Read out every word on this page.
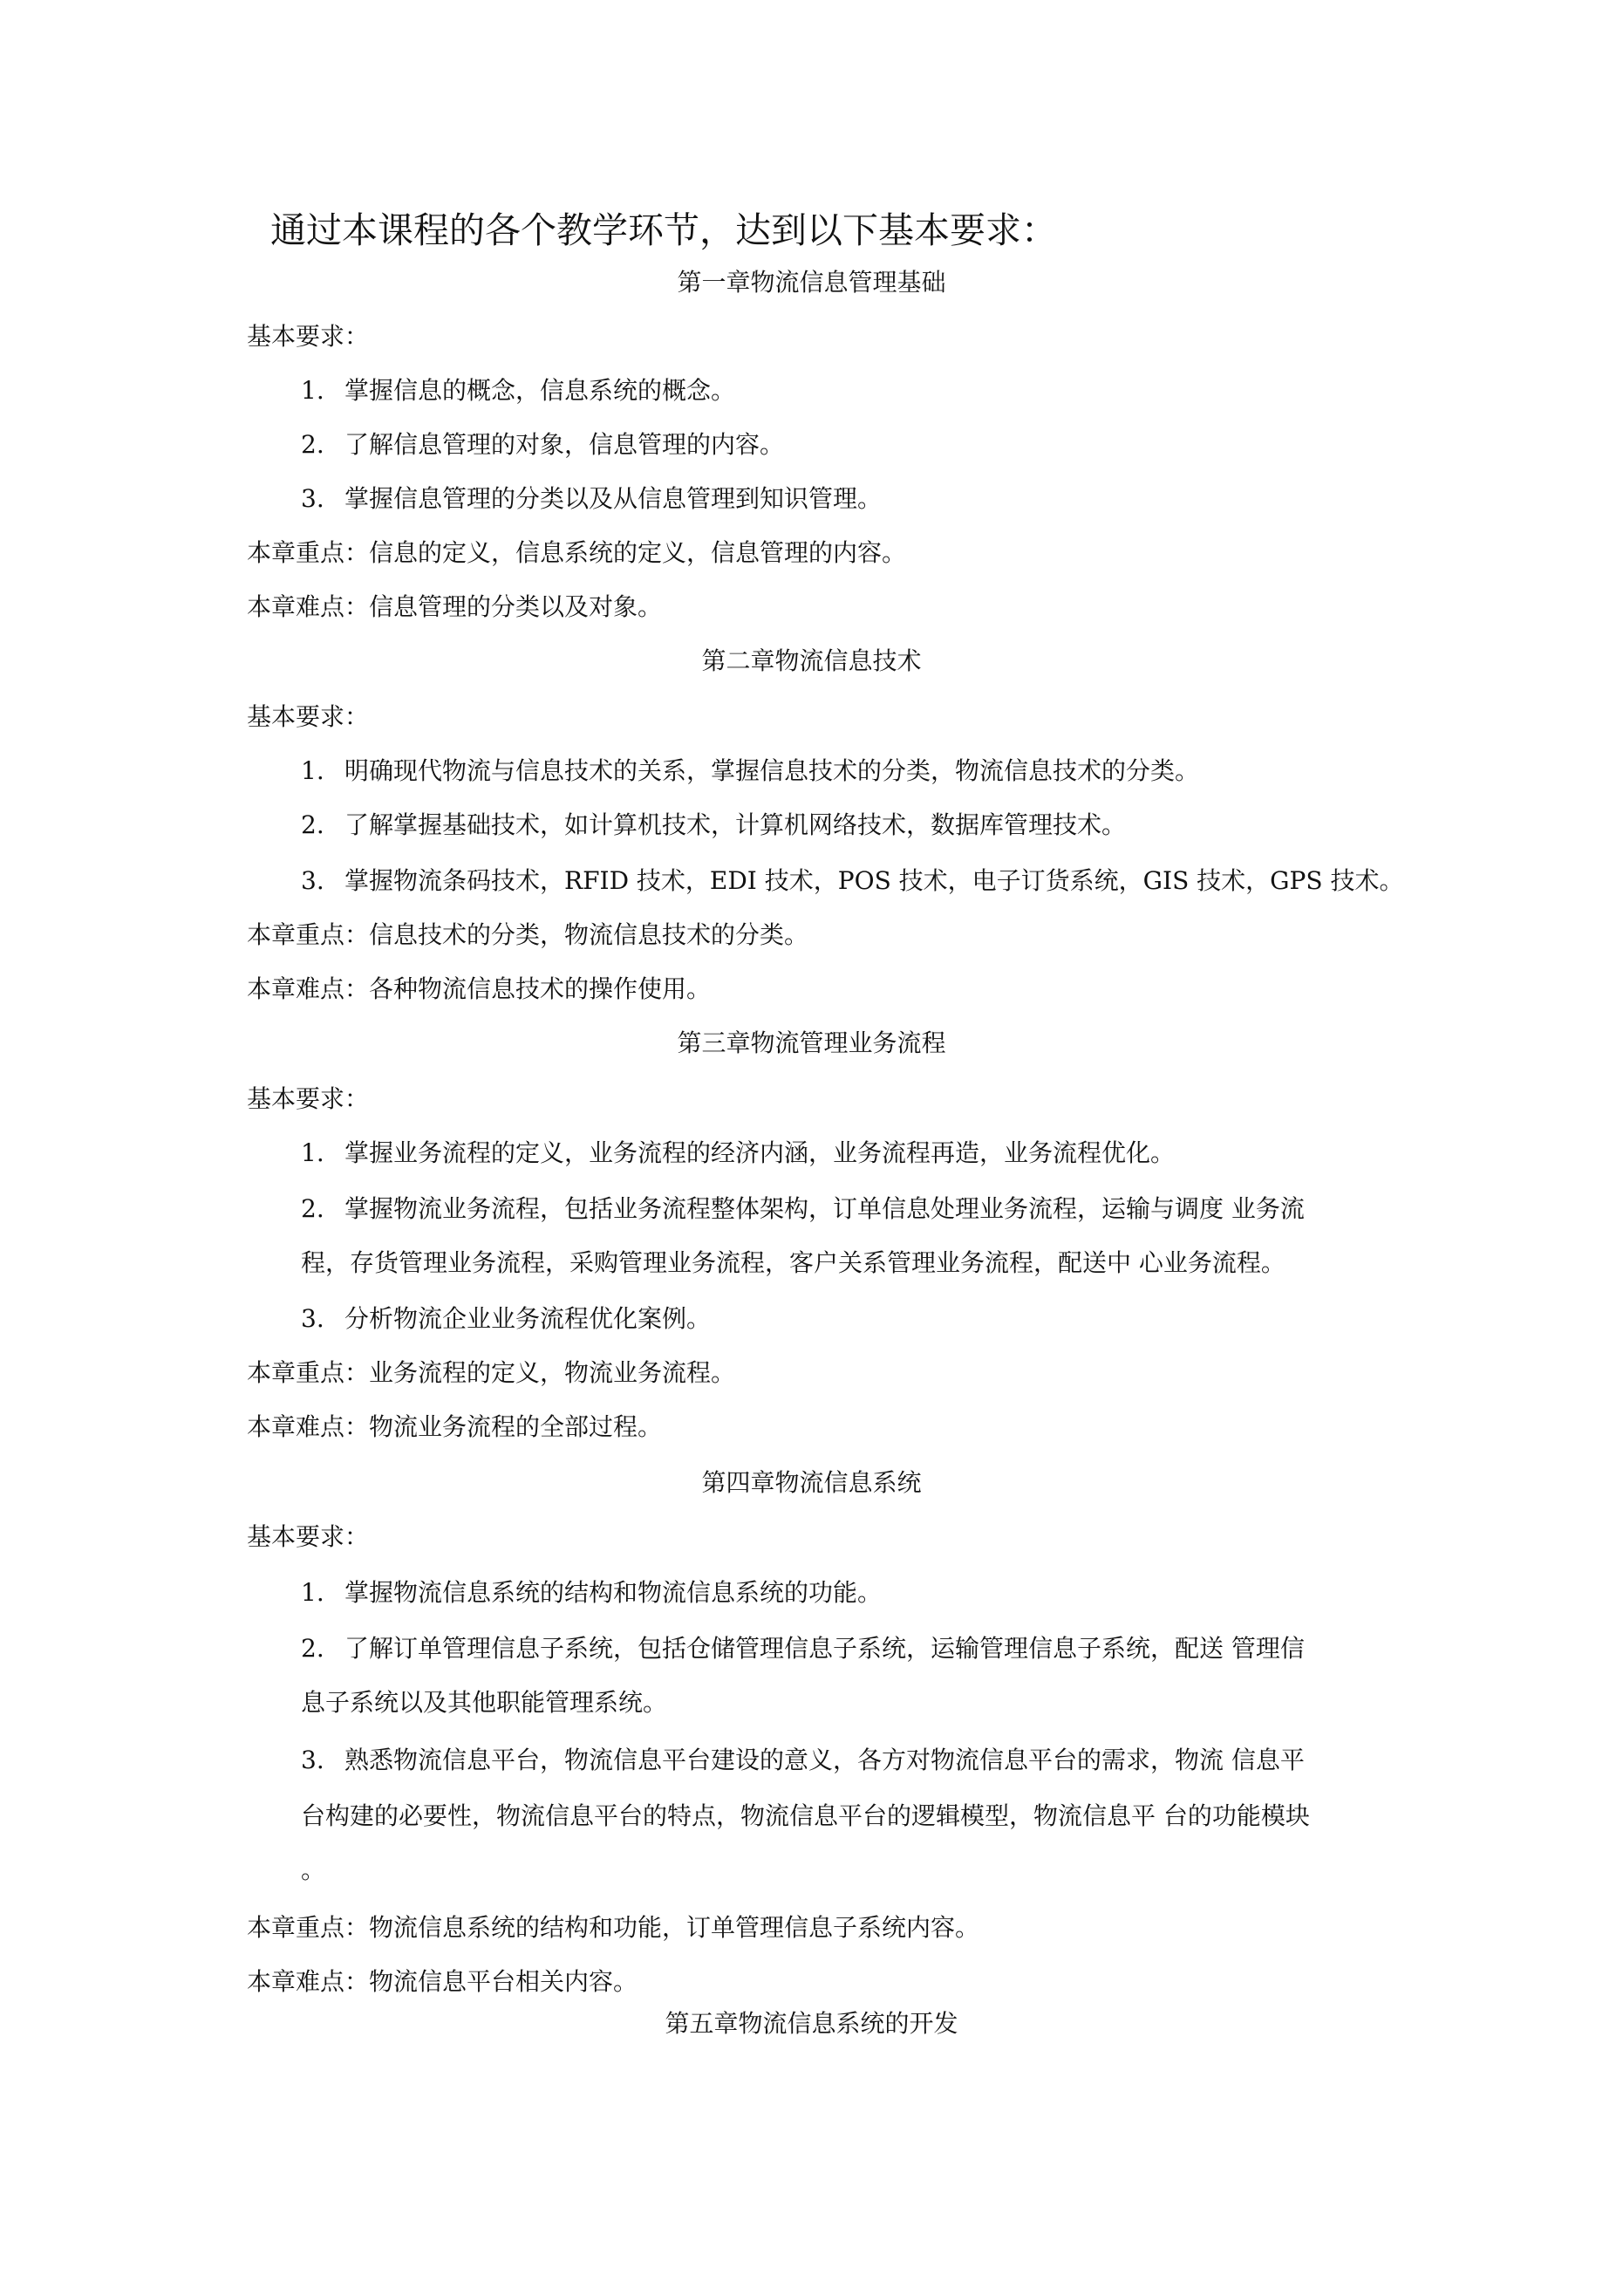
通过本课程的各个教学环节，达到以下基本要求：
第一章物流信息管理基础

基本要求：

1. 掌握信息的概念，信息系统的概念。

2. 了解信息管理的对象，信息管理的内容。

3. 掌握信息管理的分类以及从信息管理到知识管理。

本章重点：信息的定义，信息系统的定义，信息管理的内容。

本章难点：信息管理的分类以及对象。

第二章物流信息技术

基本要求：

1. 明确现代物流与信息技术的关系，掌握信息技术的分类，物流信息技术的分类。

2. 了解掌握基础技术，如计算机技术，计算机网络技术，数据库管理技术。

3. 掌握物流条码技术，RFID 技术，EDI 技术，POS 技术，电子订货系统，GIS 技术，GPS 技术。

本章重点：信息技术的分类，物流信息技术的分类。

本章难点：各种物流信息技术的操作使用。

第三章物流管理业务流程

基本要求：

1. 掌握业务流程的定义，业务流程的经济内涵，业务流程再造，业务流程优化。

2. 掌握物流业务流程，包括业务流程整体架构，订单信息处理业务流程，运输与调度 业务流

程，存货管理业务流程，采购管理业务流程，客户关系管理业务流程，配送中 心业务流程。

3. 分析物流企业业务流程优化案例。

本章重点：业务流程的定义，物流业务流程。

本章难点：物流业务流程的全部过程。

第四章物流信息系统

基本要求：

1. 掌握物流信息系统的结构和物流信息系统的功能。

2. 了解订单管理信息子系统，包括仓储管理信息子系统，运输管理信息子系统，配送 管理信

息子系统以及其他职能管理系统。

3. 熟悉物流信息平台，物流信息平台建设的意义，各方对物流信息平台的需求，物流 信息平

台构建的必要性，物流信息平台的特点，物流信息平台的逻辑模型，物流信息平 台的功能模块

。

本章重点：物流信息系统的结构和功能，订单管理信息子系统内容。

本章难点：物流信息平台相关内容。

第五章物流信息系统的开发
